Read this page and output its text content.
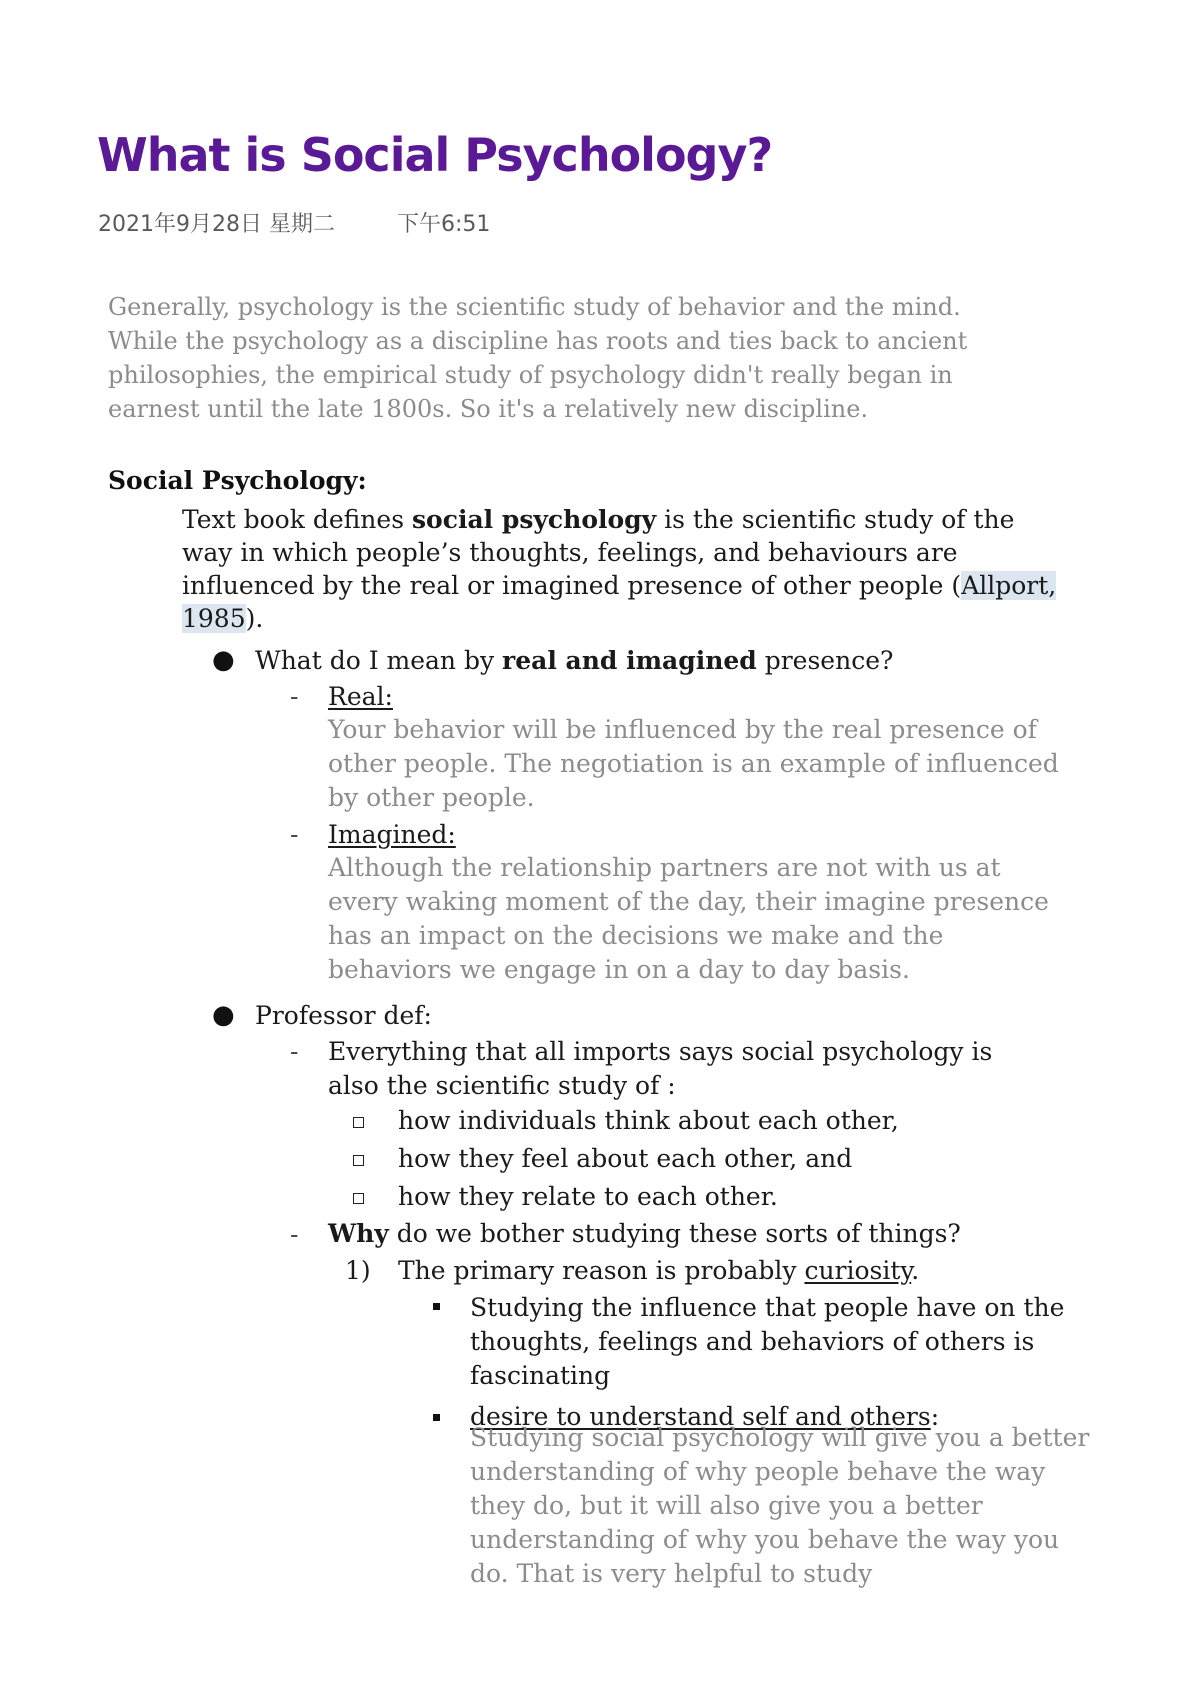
What is Social Psychology?
2021年9月28日 星期二	下午6:51

Generally, psychology is the scientific study of behavior and the mind. While the psychology as a discipline has roots and ties back to ancient philosophies, the empirical study of psychology didn't really began in earnest until the late 1800s. So it's a relatively new discipline.

Social Psychology:

Text book defines social psychology is the scientific study of the way in which people’s thoughts, feelings, and behaviours are influenced by the real or imagined presence of other people (Allport, 1985).

● What do I mean by real and imagined presence?
- Real:

Your behavior will be influenced by the real presence of other people. The negotiation is an example of influenced by other people.

- Imagined:

Although the relationship partners are not with us at every waking moment of the day, their imagine presence has an impact on the decisions we make and the behaviors we engage in on a day to day basis.

● Professor def:
- Everything that all imports says social psychology is also the scientific study of :

how individuals think about each other,
how they feel about each other, and
how they relate to each other.
- Why do we bother studying these sorts of things?
1) The primary reason is probably curiosity.

Studying the influence that people have on the thoughts, feelings and behaviors of others is fascinating

desire to understand self and others:

Studying social psychology will give you a better understanding of why people behave the way they do, but it will also give you a better understanding of why you behave the way you do. That is very helpful to study
